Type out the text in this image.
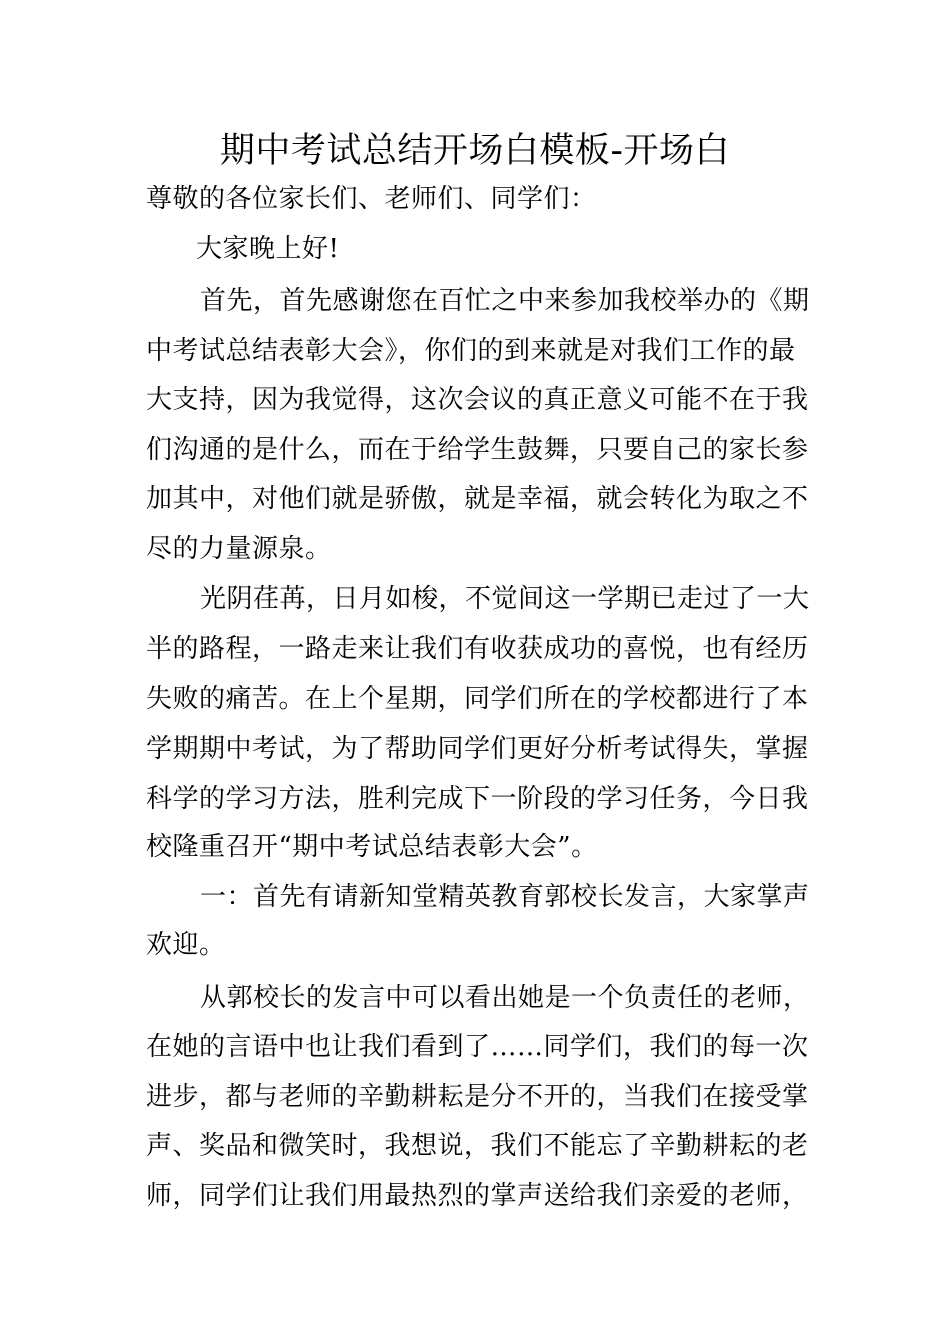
期中考试总结开场白模板-开场白
尊敬的各位家长们、老师们、同学们：
大家晚上好!
首先，首先感谢您在百忙之中来参加我校举办的《期
中考试总结表彰大会》，你们的到来就是对我们工作的最
大支持，因为我觉得，这次会议的真正意义可能不在于我
们沟通的是什么，而在于给学生鼓舞，只要自己的家长参
加其中，对他们就是骄傲，就是幸福，就会转化为取之不
尽的力量源泉。
光阴荏苒，日月如梭，不觉间这一学期已走过了一大
半的路程，一路走来让我们有收获成功的喜悦，也有经历
失败的痛苦。在上个星期，同学们所在的学校都进行了本
学期期中考试，为了帮助同学们更好分析考试得失，掌握
科学的学习方法，胜利完成下一阶段的学习任务，今日我
校隆重召开“期中考试总结表彰大会”。
一：首先有请新知堂精英教育郭校长发言，大家掌声
欢迎。
从郭校长的发言中可以看出她是一个负责任的老师，
在她的言语中也让我们看到了……同学们，我们的每一次
进步，都与老师的辛勤耕耘是分不开的，当我们在接受掌
声、奖品和微笑时，我想说，我们不能忘了辛勤耕耘的老
师，同学们让我们用最热烈的掌声送给我们亲爱的老师，
